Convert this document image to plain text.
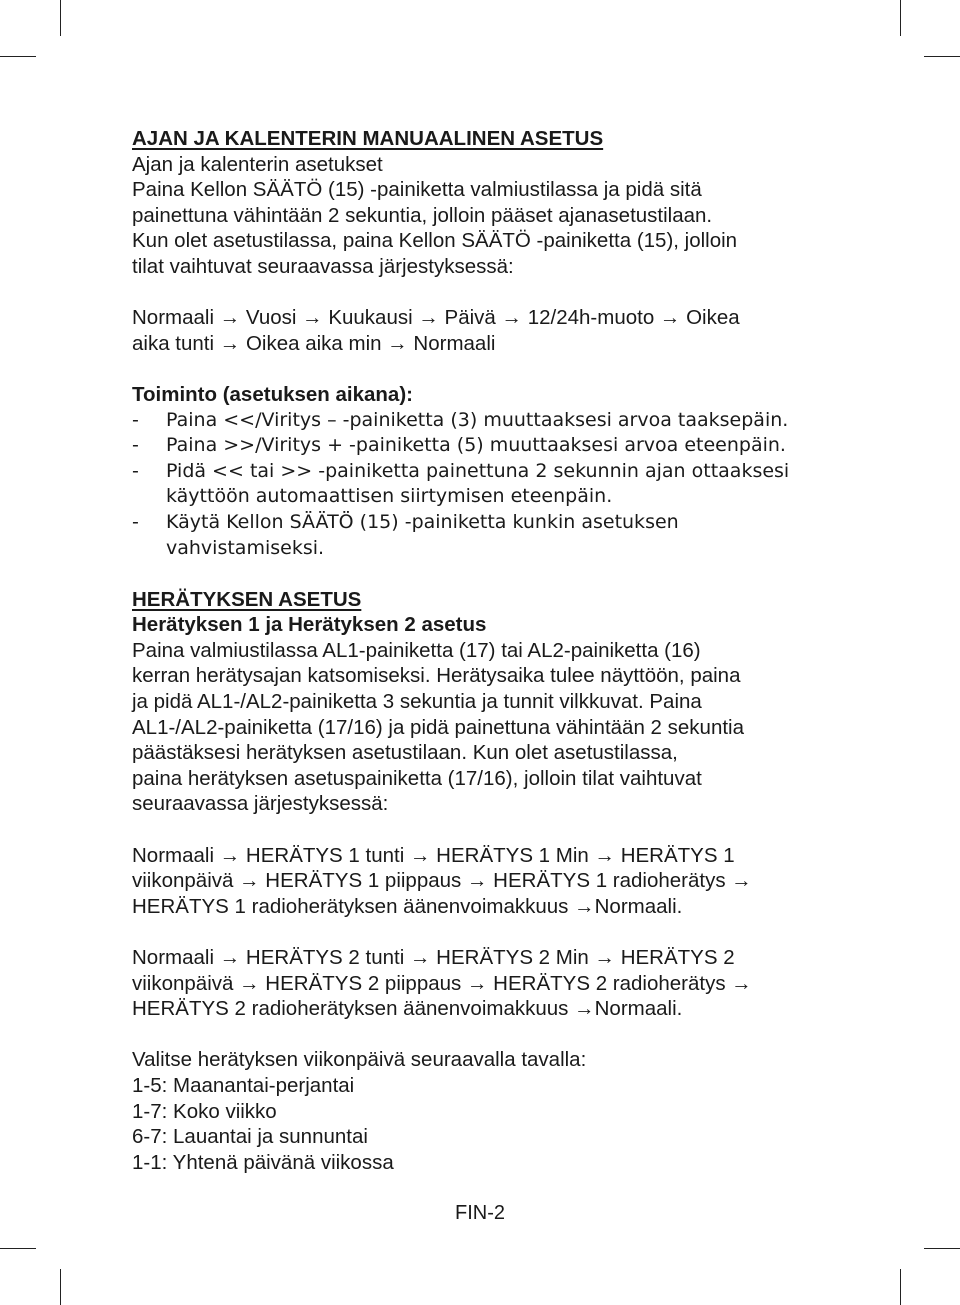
AJAN JA KALENTERIN MANUAALINEN ASETUS
Ajan ja kalenterin asetukset
Paina Kellon SÄÄTÖ (15) -painiketta valmiustilassa ja pidä sitä
painettuna vähintään 2 sekuntia, jolloin pääset ajanasetustilaan.
Kun olet asetustilassa, paina Kellon SÄÄTÖ -painiketta (15), jolloin
tilat vaihtuvat seuraavassa järjestyksessä:
Normaali → Vuosi → Kuukausi → Päivä → 12/24h-muoto → Oikea
aika tunti → Oikea aika min → Normaali
Toiminto (asetuksen aikana):
-	Paina <</Viritys – -painiketta (3) muuttaaksesi arvoa taaksepäin.
-	Paina >>/Viritys + -painiketta (5) muuttaaksesi arvoa eteenpäin.
-	Pidä << tai >> -painiketta painettuna 2 sekunnin ajan ottaaksesi
käyttöön automaattisen siirtymisen eteenpäin.
-	Käytä Kellon SÄÄTÖ (15) -painiketta kunkin asetuksen
vahvistamiseksi.
HERÄTYKSEN ASETUS
Herätyksen 1 ja Herätyksen 2 asetus
Paina valmiustilassa AL1-painiketta (17) tai AL2-painiketta (16)
kerran herätysajan katsomiseksi. Herätysaika tulee näyttöön, paina
ja pidä AL1-/AL2-painiketta 3 sekuntia ja tunnit vilkkuvat. Paina
AL1-/AL2-painiketta (17/16) ja pidä painettuna vähintään 2 sekuntia
päästäksesi herätyksen asetustilaan. Kun olet asetustilassa,
paina herätyksen asetuspainiketta (17/16), jolloin tilat vaihtuvat
seuraavassa järjestyksessä:
Normaali → HERÄTYS 1 tunti → HERÄTYS 1 Min → HERÄTYS 1
viikonpäivä → HERÄTYS 1 piippaus → HERÄTYS 1 radioherätys →
HERÄTYS 1 radioherätyksen äänenvoimakkuus →Normaali.
Normaali → HERÄTYS 2 tunti → HERÄTYS 2 Min → HERÄTYS 2
viikonpäivä → HERÄTYS 2 piippaus → HERÄTYS 2 radioherätys →
HERÄTYS 2 radioherätyksen äänenvoimakkuus →Normaali.
Valitse herätyksen viikonpäivä seuraavalla tavalla:
1-5: Maanantai-perjantai
1-7: Koko viikko
6-7: Lauantai ja sunnuntai
1-1: Yhtenä päivänä viikossa
FIN-2
